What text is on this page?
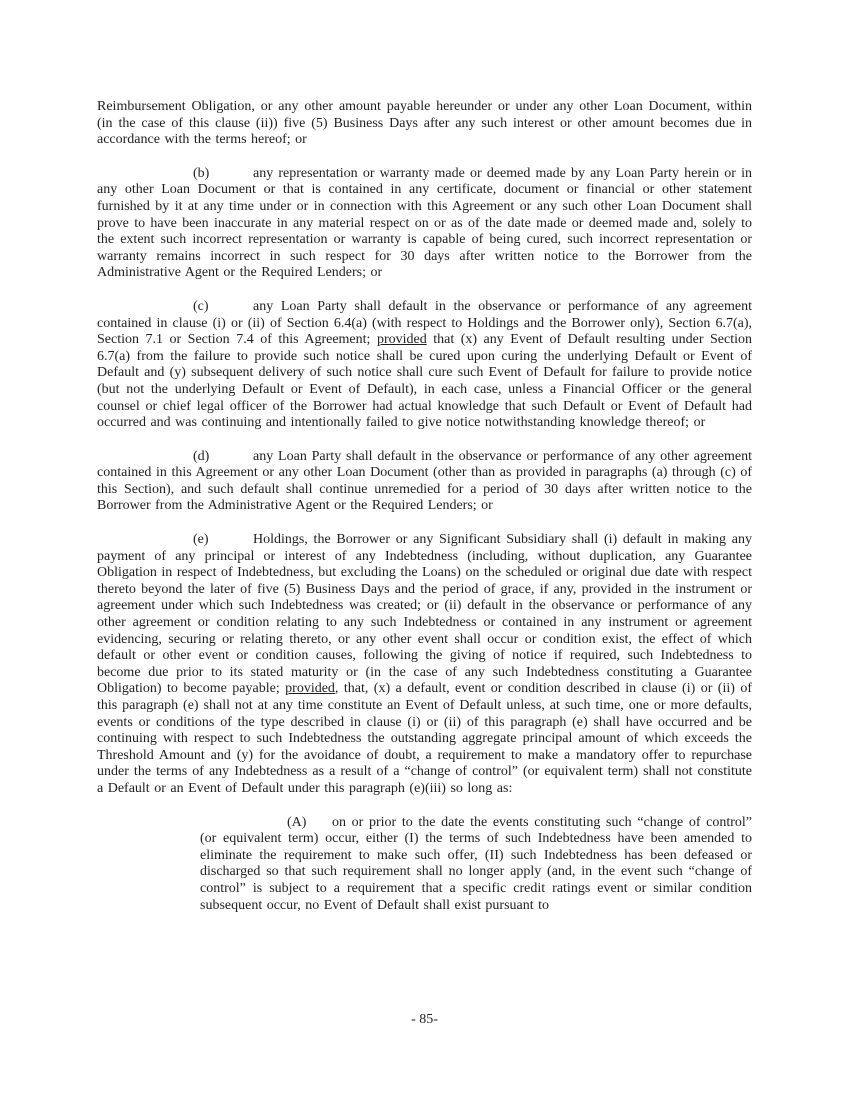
Reimbursement Obligation, or any other amount payable hereunder or under any other Loan Document, within (in the case of this clause (ii)) five (5) Business Days after any such interest or other amount becomes due in accordance with the terms hereof; or

(b)	any representation or warranty made or deemed made by any Loan Party herein or in any other Loan Document or that is contained in any certificate, document or financial or other statement furnished by it at any time under or in connection with this Agreement or any such other Loan Document shall prove to have been inaccurate in any material respect on or as of the date made or deemed made and, solely to the extent such incorrect representation or warranty is capable of being cured, such incorrect representation or warranty remains incorrect in such respect for 30 days after written notice to the Borrower from the Administrative Agent or the Required Lenders; or

(c)	any Loan Party shall default in the observance or performance of any agreement contained in clause (i) or (ii) of Section 6.4(a) (with respect to Holdings and the Borrower only), Section 6.7(a), Section 7.1 or Section 7.4 of this Agreement; provided that (x) any Event of Default resulting under Section 6.7(a) from the failure to provide such notice shall be cured upon curing the underlying Default or Event of Default and (y) subsequent delivery of such notice shall cure such Event of Default for failure to provide notice (but not the underlying Default or Event of Default), in each case, unless a Financial Officer or the general counsel or chief legal officer of the Borrower had actual knowledge that such Default or Event of Default had occurred and was continuing and intentionally failed to give notice notwithstanding knowledge thereof; or

(d)	any Loan Party shall default in the observance or performance of any other agreement contained in this Agreement or any other Loan Document (other than as provided in paragraphs (a) through (c) of this Section), and such default shall continue unremedied for a period of 30 days after written notice to the Borrower from the Administrative Agent or the Required Lenders; or

(e)	Holdings, the Borrower or any Significant Subsidiary shall (i) default in making any payment of any principal or interest of any Indebtedness (including, without duplication, any Guarantee Obligation in respect of Indebtedness, but excluding the Loans) on the scheduled or original due date with respect thereto beyond the later of five (5) Business Days and the period of grace, if any, provided in the instrument or agreement under which such Indebtedness was created; or (ii) default in the observance or performance of any other agreement or condition relating to any such Indebtedness or contained in any instrument or agreement evidencing, securing or relating thereto, or any other event shall occur or condition exist, the effect of which default or other event or condition causes, following the giving of notice if required, such Indebtedness to become due prior to its stated maturity or (in the case of any such Indebtedness constituting a Guarantee Obligation) to become payable; provided, that, (x) a default, event or condition described in clause (i) or (ii) of this paragraph (e) shall not at any time constitute an Event of Default unless, at such time, one or more defaults, events or conditions of the type described in clause (i) or (ii) of this paragraph (e) shall have occurred and be continuing with respect to such Indebtedness the outstanding aggregate principal amount of which exceeds the Threshold Amount and (y) for the avoidance of doubt, a requirement to make a mandatory offer to repurchase under the terms of any Indebtedness as a result of a “change of control” (or equivalent term) shall not constitute a Default or an Event of Default under this paragraph (e)(iii) so long as:

(A) on or prior to the date the events constituting such “change of control” (or equivalent term) occur, either (I) the terms of such Indebtedness have been amended to eliminate the requirement to make such offer, (II) such Indebtedness has been defeased or discharged so that such requirement shall no longer apply (and, in the event such “change of control” is subject to a requirement that a specific credit ratings event or similar condition subsequent occur, no Event of Default shall exist pursuant to

- 85-
